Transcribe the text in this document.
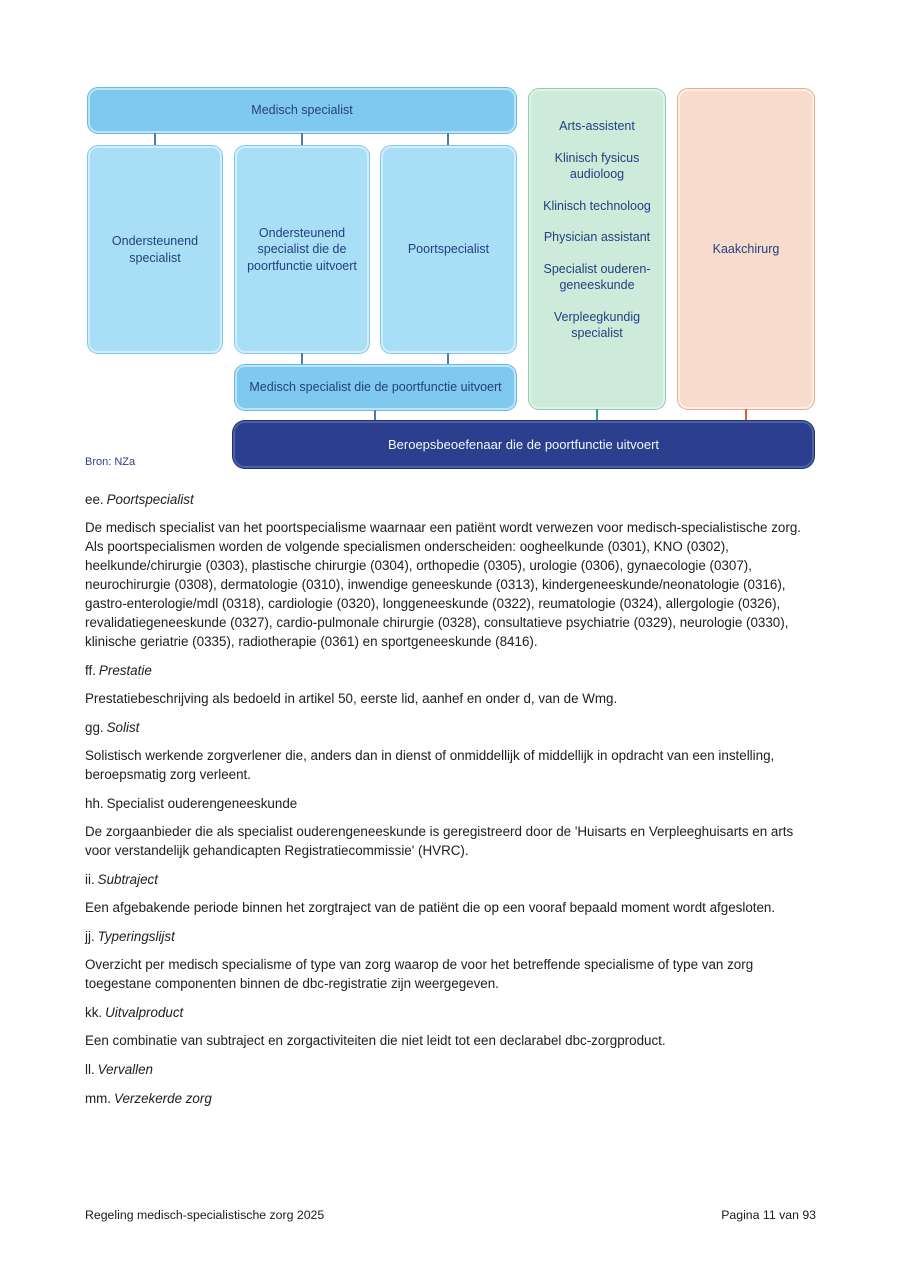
Medisch specialist
Ondersteunend specialist
Ondersteunend specialist die de poortfunctie uitvoert
Poortspecialist
Arts-assistent
Klinisch fysicus audioloog
Klinisch technoloog
Physician assistant
Specialist ouderen-geneeskunde
Verpleegkundig specialist
Kaakchirurg
Medisch specialist die de poortfunctie uitvoert
Beroepsbeoefenaar die de poortfunctie uitvoert
Bron: NZa

ee. Poortspecialist

De medisch specialist van het poortspecialisme waarnaar een patiënt wordt verwezen voor medisch-specialistische zorg. Als poortspecialismen worden de volgende specialismen onderscheiden: oogheelkunde (0301), KNO (0302), heelkunde/chirurgie (0303), plastische chirurgie (0304), orthopedie (0305), urologie (0306), gynaecologie (0307), neurochirurgie (0308), dermatologie (0310), inwendige geneeskunde (0313), kindergeneeskunde/neonatologie (0316), gastro-enterologie/mdl (0318), cardiologie (0320), longgeneeskunde (0322), reumatologie (0324), allergologie (0326), revalidatiegeneeskunde (0327), cardio-pulmonale chirurgie (0328), consultatieve psychiatrie (0329), neurologie (0330), klinische geriatrie (0335), radiotherapie (0361) en sportgeneeskunde (8416).

ff. Prestatie

Prestatiebeschrijving als bedoeld in artikel 50, eerste lid, aanhef en onder d, van de Wmg.

gg. Solist

Solistisch werkende zorgverlener die, anders dan in dienst of onmiddellijk of middellijk in opdracht van een instelling, beroepsmatig zorg verleent.

hh. Specialist ouderengeneeskunde

De zorgaanbieder die als specialist ouderengeneeskunde is geregistreerd door de 'Huisarts en Verpleeghuisarts en arts voor verstandelijk gehandicapten Registratiecommissie' (HVRC).

ii. Subtraject

Een afgebakende periode binnen het zorgtraject van de patiënt die op een vooraf bepaald moment wordt afgesloten.

jj. Typeringslijst

Overzicht per medisch specialisme of type van zorg waarop de voor het betreffende specialisme of type van zorg toegestane componenten binnen de dbc-registratie zijn weergegeven.

kk. Uitvalproduct

Een combinatie van subtraject en zorgactiviteiten die niet leidt tot een declarabel dbc-zorgproduct.

ll. Vervallen

mm. Verzekerde zorg

Regeling medisch-specialistische zorg 2025	Pagina 11 van 93
